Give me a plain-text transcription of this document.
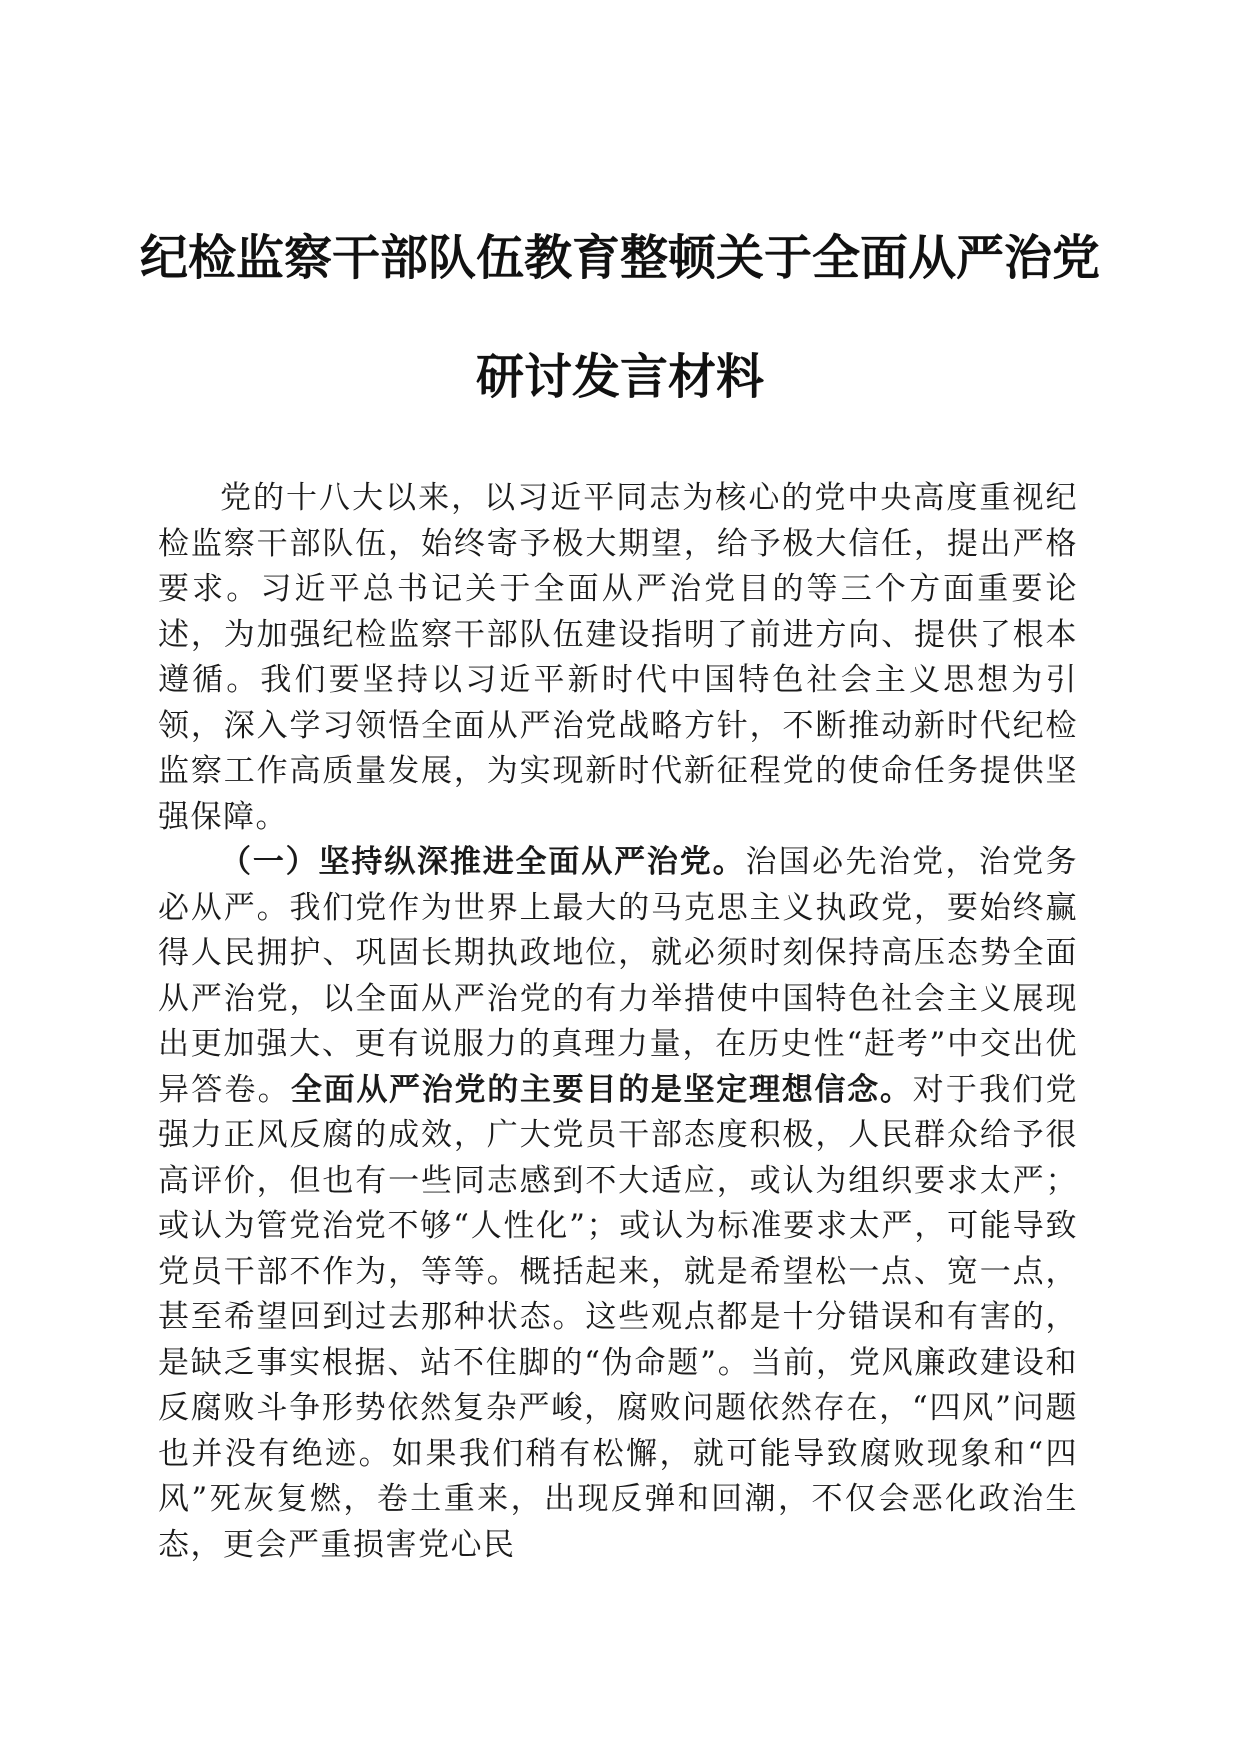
纪检监察干部队伍教育整顿关于全面从严治党
研讨发言材料

党的十八大以来，以习近平同志为核心的党中央高度重视纪检监察干部队伍，始终寄予极大期望，给予极大信任，提出严格要求。习近平总书记关于全面从严治党目的等三个方面重要论述，为加强纪检监察干部队伍建设指明了前进方向、提供了根本遵循。我们要坚持以习近平新时代中国特色社会主义思想为引领，深入学习领悟全面从严治党战略方针，不断推动新时代纪检监察工作高质量发展，为实现新时代新征程党的使命任务提供坚强保障。

（一）坚持纵深推进全面从严治党。治国必先治党，治党务必从严。我们党作为世界上最大的马克思主义执政党，要始终赢得人民拥护、巩固长期执政地位，就必须时刻保持高压态势全面从严治党，以全面从严治党的有力举措使中国特色社会主义展现出更加强大、更有说服力的真理力量，在历史性“赶考”中交出优异答卷。全面从严治党的主要目的是坚定理想信念。对于我们党强力正风反腐的成效，广大党员干部态度积极，人民群众给予很高评价，但也有一些同志感到不大适应，或认为组织要求太严；或认为管党治党不够“人性化”；或认为标准要求太严，可能导致党员干部不作为，等等。概括起来，就是希望松一点、宽一点，甚至希望回到过去那种状态。这些观点都是十分错误和有害的，是缺乏事实根据、站不住脚的“伪命题”。当前，党风廉政建设和反腐败斗争形势依然复杂严峻，腐败问题依然存在，“四风”问题也并没有绝迹。如果我们稍有松懈，就可能导致腐败现象和“四风”死灰复燃，卷土重来，出现反弹和回潮，不仅会恶化政治生态，更会严重损害党心民
